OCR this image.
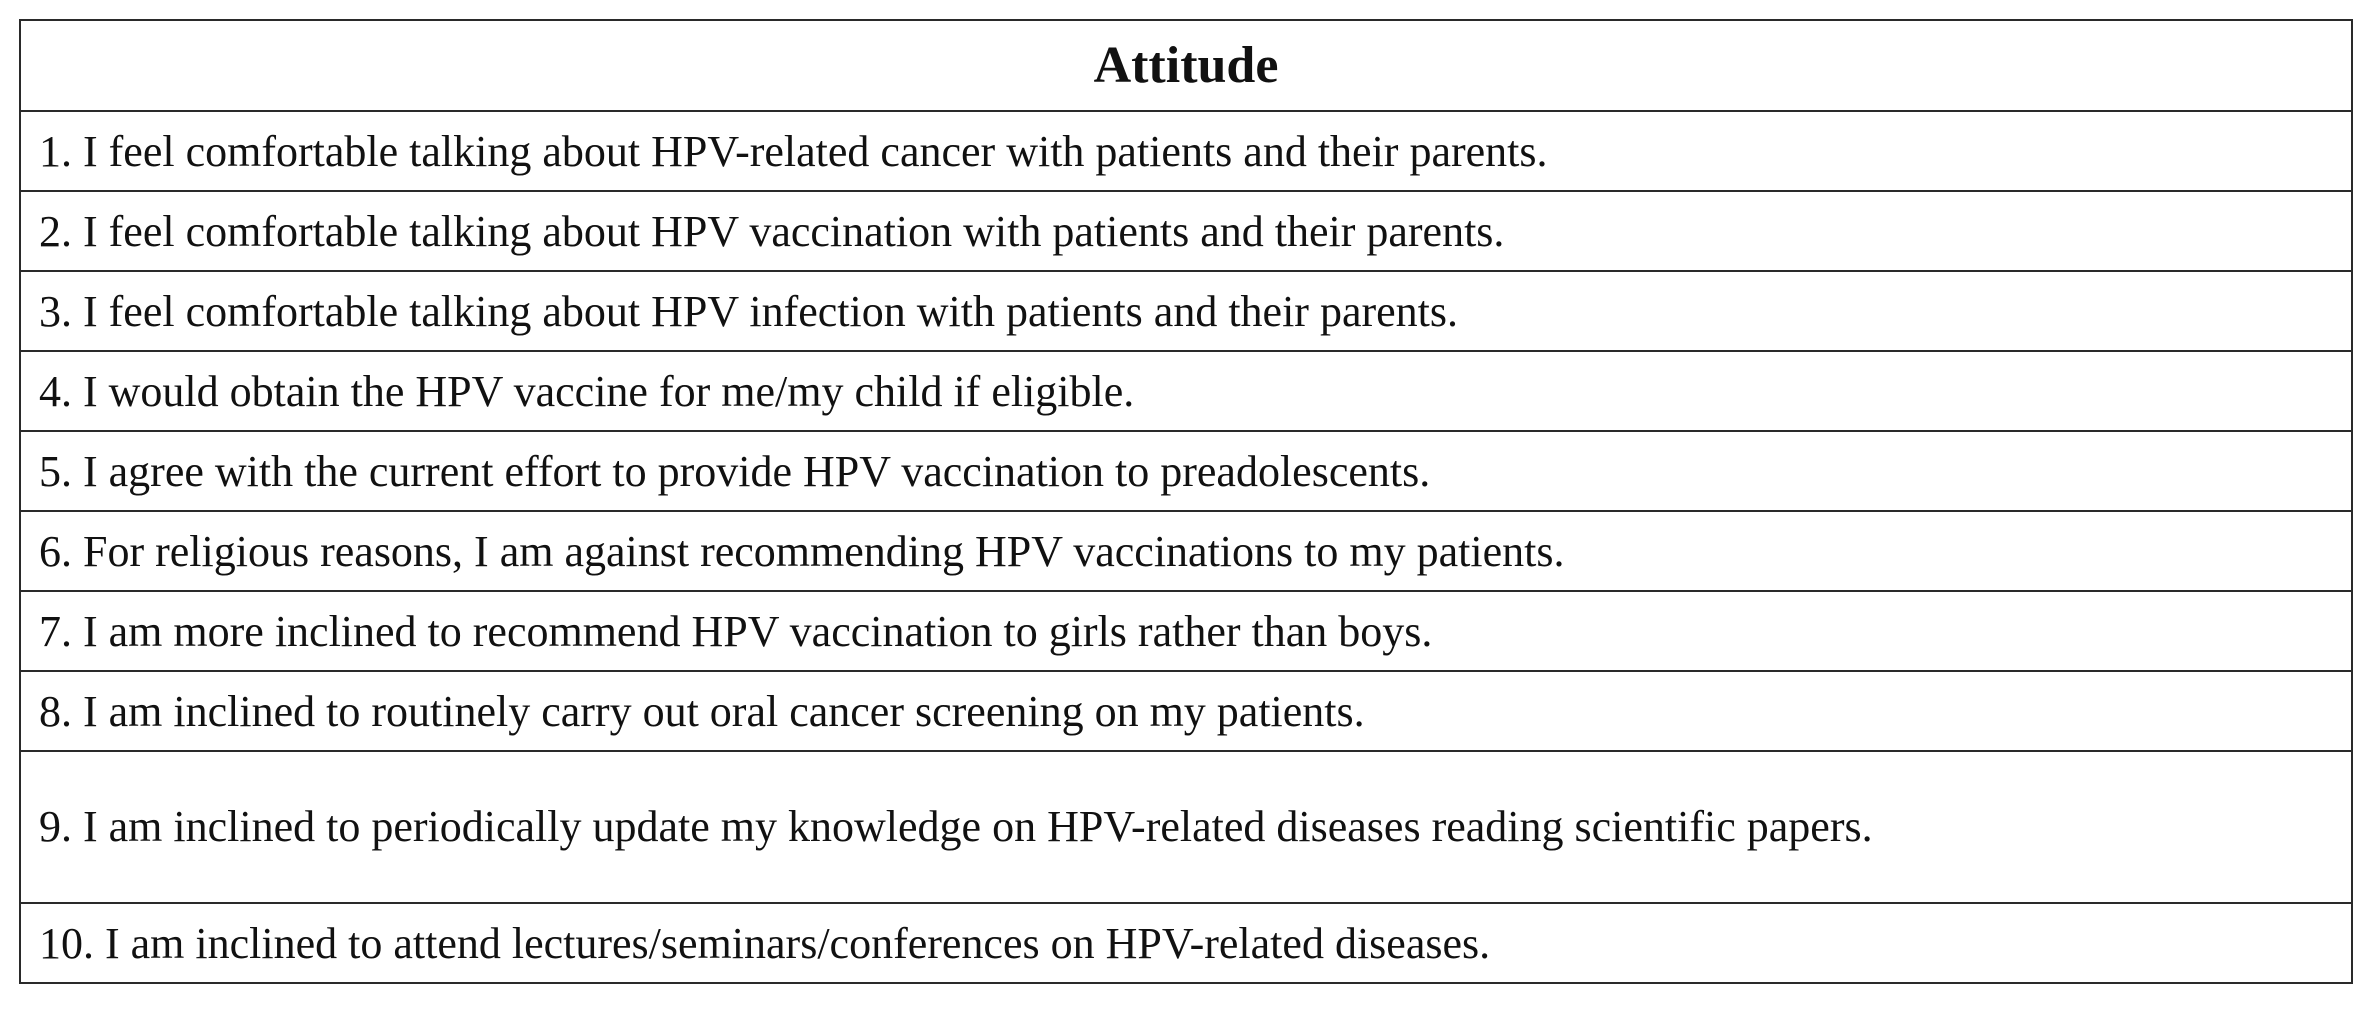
Attitude
1. I feel comfortable talking about HPV-related cancer with patients and their parents.
2. I feel comfortable talking about HPV vaccination with patients and their parents.
3. I feel comfortable talking about HPV infection with patients and their parents.
4. I would obtain the HPV vaccine for me/my child if eligible.
5. I agree with the current effort to provide HPV vaccination to preadolescents.
6. For religious reasons, I am against recommending HPV vaccinations to my patients.
7. I am more inclined to recommend HPV vaccination to girls rather than boys.
8. I am inclined to routinely carry out oral cancer screening on my patients.
9. I am inclined to periodically update my knowledge on HPV-related diseases reading scientific papers.
10. I am inclined to attend lectures/seminars/conferences on HPV-related diseases.
